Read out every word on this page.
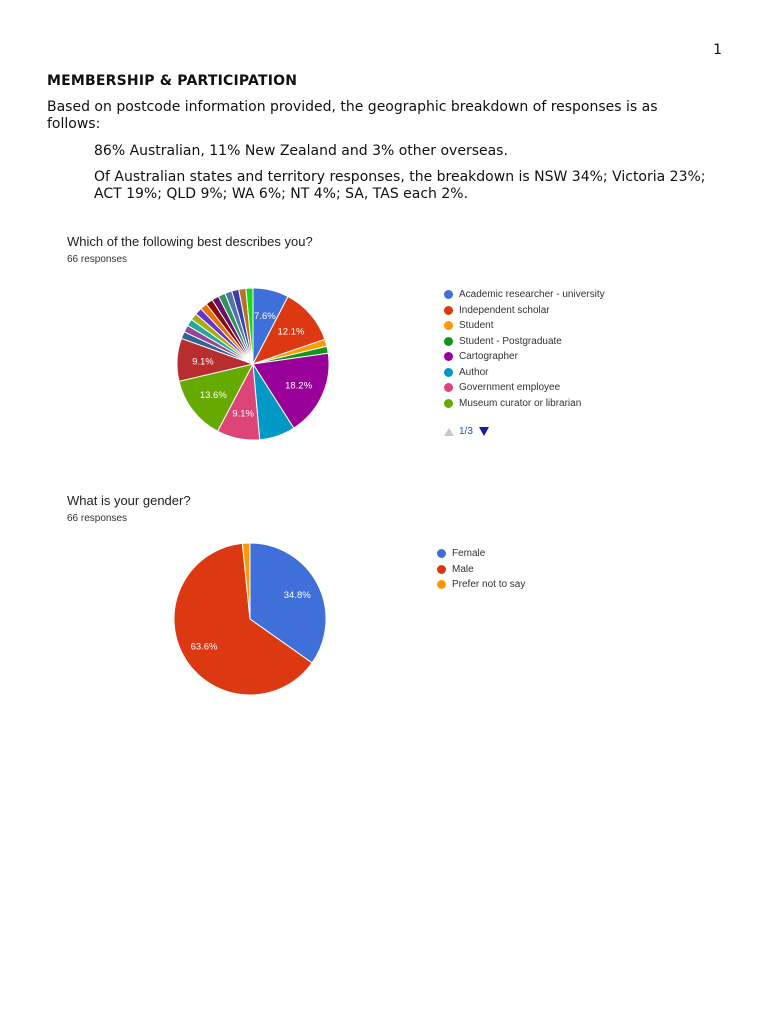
1
MEMBERSHIP & PARTICIPATION
Based on postcode information provided, the geographic breakdown of responses is as follows:
86% Australian, 11% New Zealand and 3% other overseas.
Of Australian states and territory responses, the breakdown is NSW 34%; Victoria 23%; ACT 19%; QLD 9%; WA 6%; NT 4%; SA, TAS each 2%.
Which of the following best describes you?
66 responses
What is your gender?
66 responses
7.6%
12.1%
18.2%
9.1%
13.6%
9.1%
34.8%
63.6%
Academic researcher - university
Independent scholar
Student
Student - Postgraduate
Cartographer
Author
Government employee
Museum curator or librarian
1/3
Female
Male
Prefer not to say
